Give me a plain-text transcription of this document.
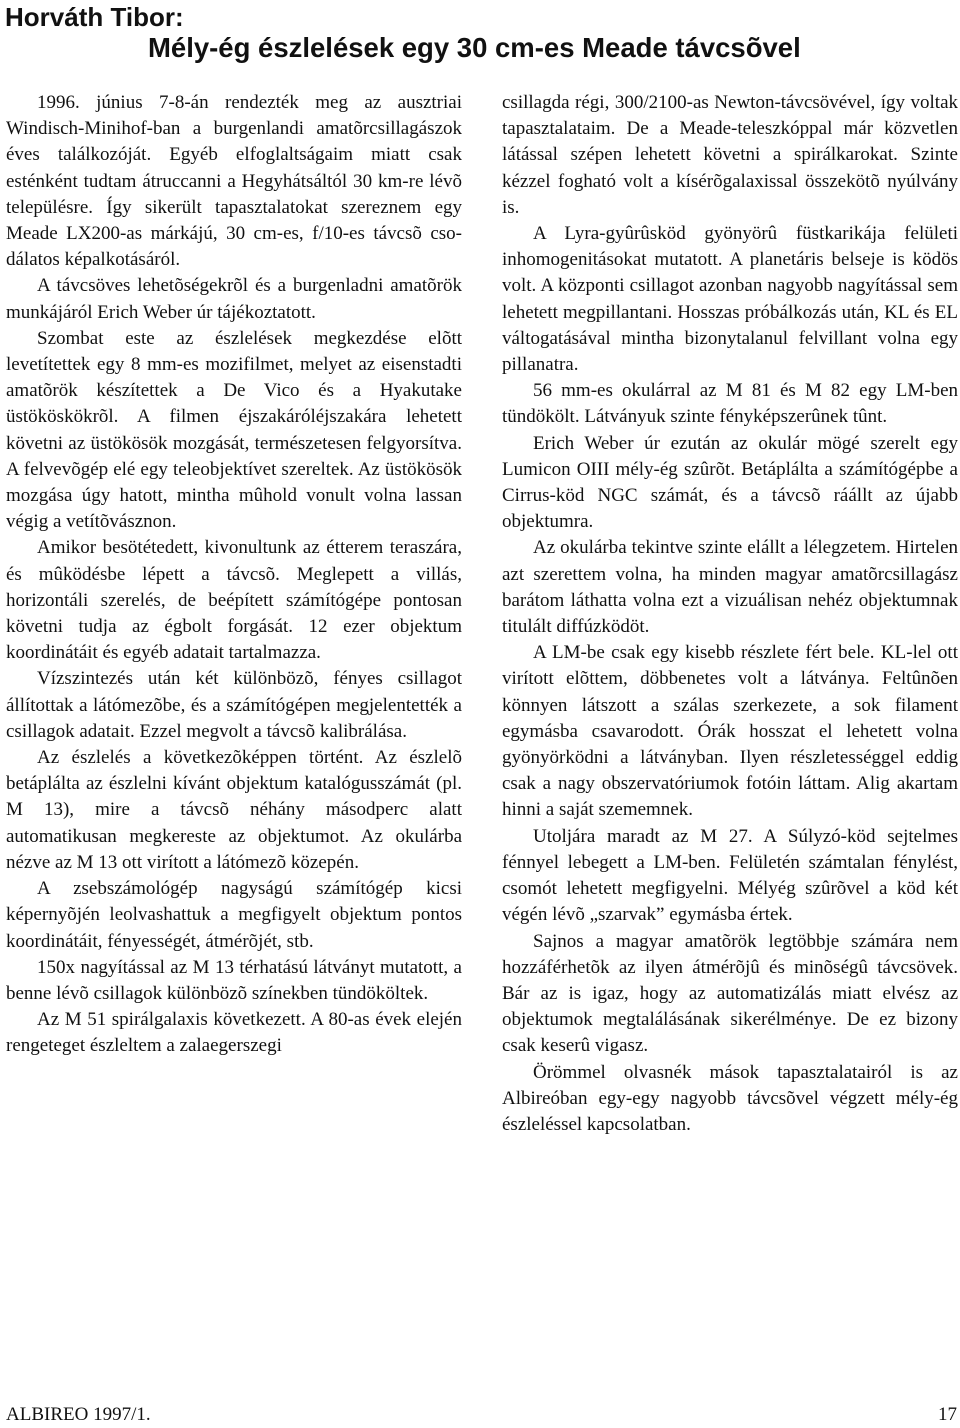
Horváth Tibor:
Mély-ég észlelések egy 30 cm-es Meade távcsõvel

1996. június 7-8-án rendezték meg az ausztriai Windisch-Minihof-ban a burgenlandi amatõrcsillagászok éves találkozóját. Egyéb elfoglaltságaim miatt csak esténként tudtam átruccanni a Hegyhátsáltól 30 km-re lévõ településre. Így sikerült tapasztalatokat szereznem egy Meade LX200-as márkájú, 30 cm-es, f/10-es távcsõ csodálatos képalkotásáról.

A távcsöves lehetõségekrõl és a burgenladni amatõrök munkájáról Erich Weber úr tájékoztatott.

Szombat este az észlelések megkezdése elõtt levetítettek egy 8 mm-es mozifilmet, melyet az eisenstadti amatõrök készítettek a De Vico és a Hyakutake üstököskökrõl. A filmen éjszakáróléjszakára lehetett követni az üstökösök mozgását, természetesen felgyorsítva. A felvevõgép elé egy teleobjektívet szereltek. Az üstökösök mozgása úgy hatott, mintha mûhold vonult volna lassan végig a vetítõvásznon.

Amikor besötétedett, kivonultunk az étterem teraszára, és mûködésbe lépett a távcsõ. Meglepett a villás, horizontáli szerelés, de beépített számítógépe pontosan követni tudja az égbolt forgását. 12 ezer objektum koordinátáit és egyéb adatait tartalmazza.

Vízszintezés után két különbözõ, fényes csillagot állítottak a látómezõbe, és a számítógépen megjelentették a csillagok adatait. Ezzel megvolt a távcsõ kalibrálása.

Az észlelés a következõképpen történt. Az észlelõ betáplálta az észlelni kívánt objektum katalógusszámát (pl. M 13), mire a távcsõ néhány másodperc alatt automatikusan megkereste az objektumot. Az okulárba nézve az M 13 ott virított a látómezõ közepén.

A zsebszámológép nagyságú számítógép kicsi képernyõjén leolvashattuk a megfigyelt objektum pontos koordinátáit, fényességét, átmérõjét, stb.

150x nagyítással az M 13 térhatású látványt mutatott, a benne lévõ csillagok különbözõ színekben tündököltek.

Az M 51 spirálgalaxis következett. A 80-as évek elején rengeteget észleltem a zalaegerszegi

csillagda régi, 300/2100-as Newton-távcsövével, így voltak tapasztalataim. De a Meade-teleszkóppal már közvetlen látással szépen lehetett követni a spirálkarokat. Szinte kézzel fogható volt a kísérõgalaxissal összekötõ nyúlvány is.

A Lyra-gyûrûsköd gyönyörû füstkarikája felületi inhomogenitásokat mutatott. A planetáris belseje is ködös volt. A központi csillagot azonban nagyobb nagyítással sem lehetett megpillantani. Hosszas próbálkozás után, KL és EL váltogatásával mintha bizonytalanul felvillant volna egy pillanatra.

56 mm-es okulárral az M 81 és M 82 egy LM-ben tündökölt. Látványuk szinte fényképszerûnek tûnt.

Erich Weber úr ezután az okulár mögé szerelt egy Lumicon OIII mély-ég szûrõt. Betáplálta a számítógépbe a Cirrus-köd NGC számát, és a távcsõ ráállt az újabb objektumra.

Az okulárba tekintve szinte elállt a lélegzetem. Hirtelen azt szerettem volna, ha minden magyar amatõrcsillagász barátom láthatta volna ezt a vizuálisan nehéz objektumnak titulált diffúzködöt.

A LM-be csak egy kisebb részlete fért bele. KL-lel ott virított elõttem, döbbenetes volt a látványa. Feltûnõen könnyen látszott a szálas szerkezete, a sok filament egymásba csavarodott. Órák hosszat el lehetett volna gyönyörködni a látványban. Ilyen részletességgel eddig csak a nagy obszervatóriumok fotóin láttam. Alig akartam hinni a saját szememnek.

Utoljára maradt az M 27. A Súlyzó-köd sejtelmes fénnyel lebegett a LM-ben. Felületén számtalan fénylést, csomót lehetett megfigyelni. Mélyég szûrõvel a köd két végén lévõ „szarvak” egymásba értek.

Sajnos a magyar amatõrök legtöbbje számára nem hozzáférhetõk az ilyen átmérõjû és minõségû távcsövek. Bár az is igaz, hogy az automatizálás miatt elvész az objektumok megtalálásának sikerélménye. De ez bizony csak keserû vigasz.

Örömmel olvasnék mások tapasztalatairól is az Albireóban egy-egy nagyobb távcsõvel végzett mély-ég észleléssel kapcsolatban.

ALBIREO 1997/1.	17
